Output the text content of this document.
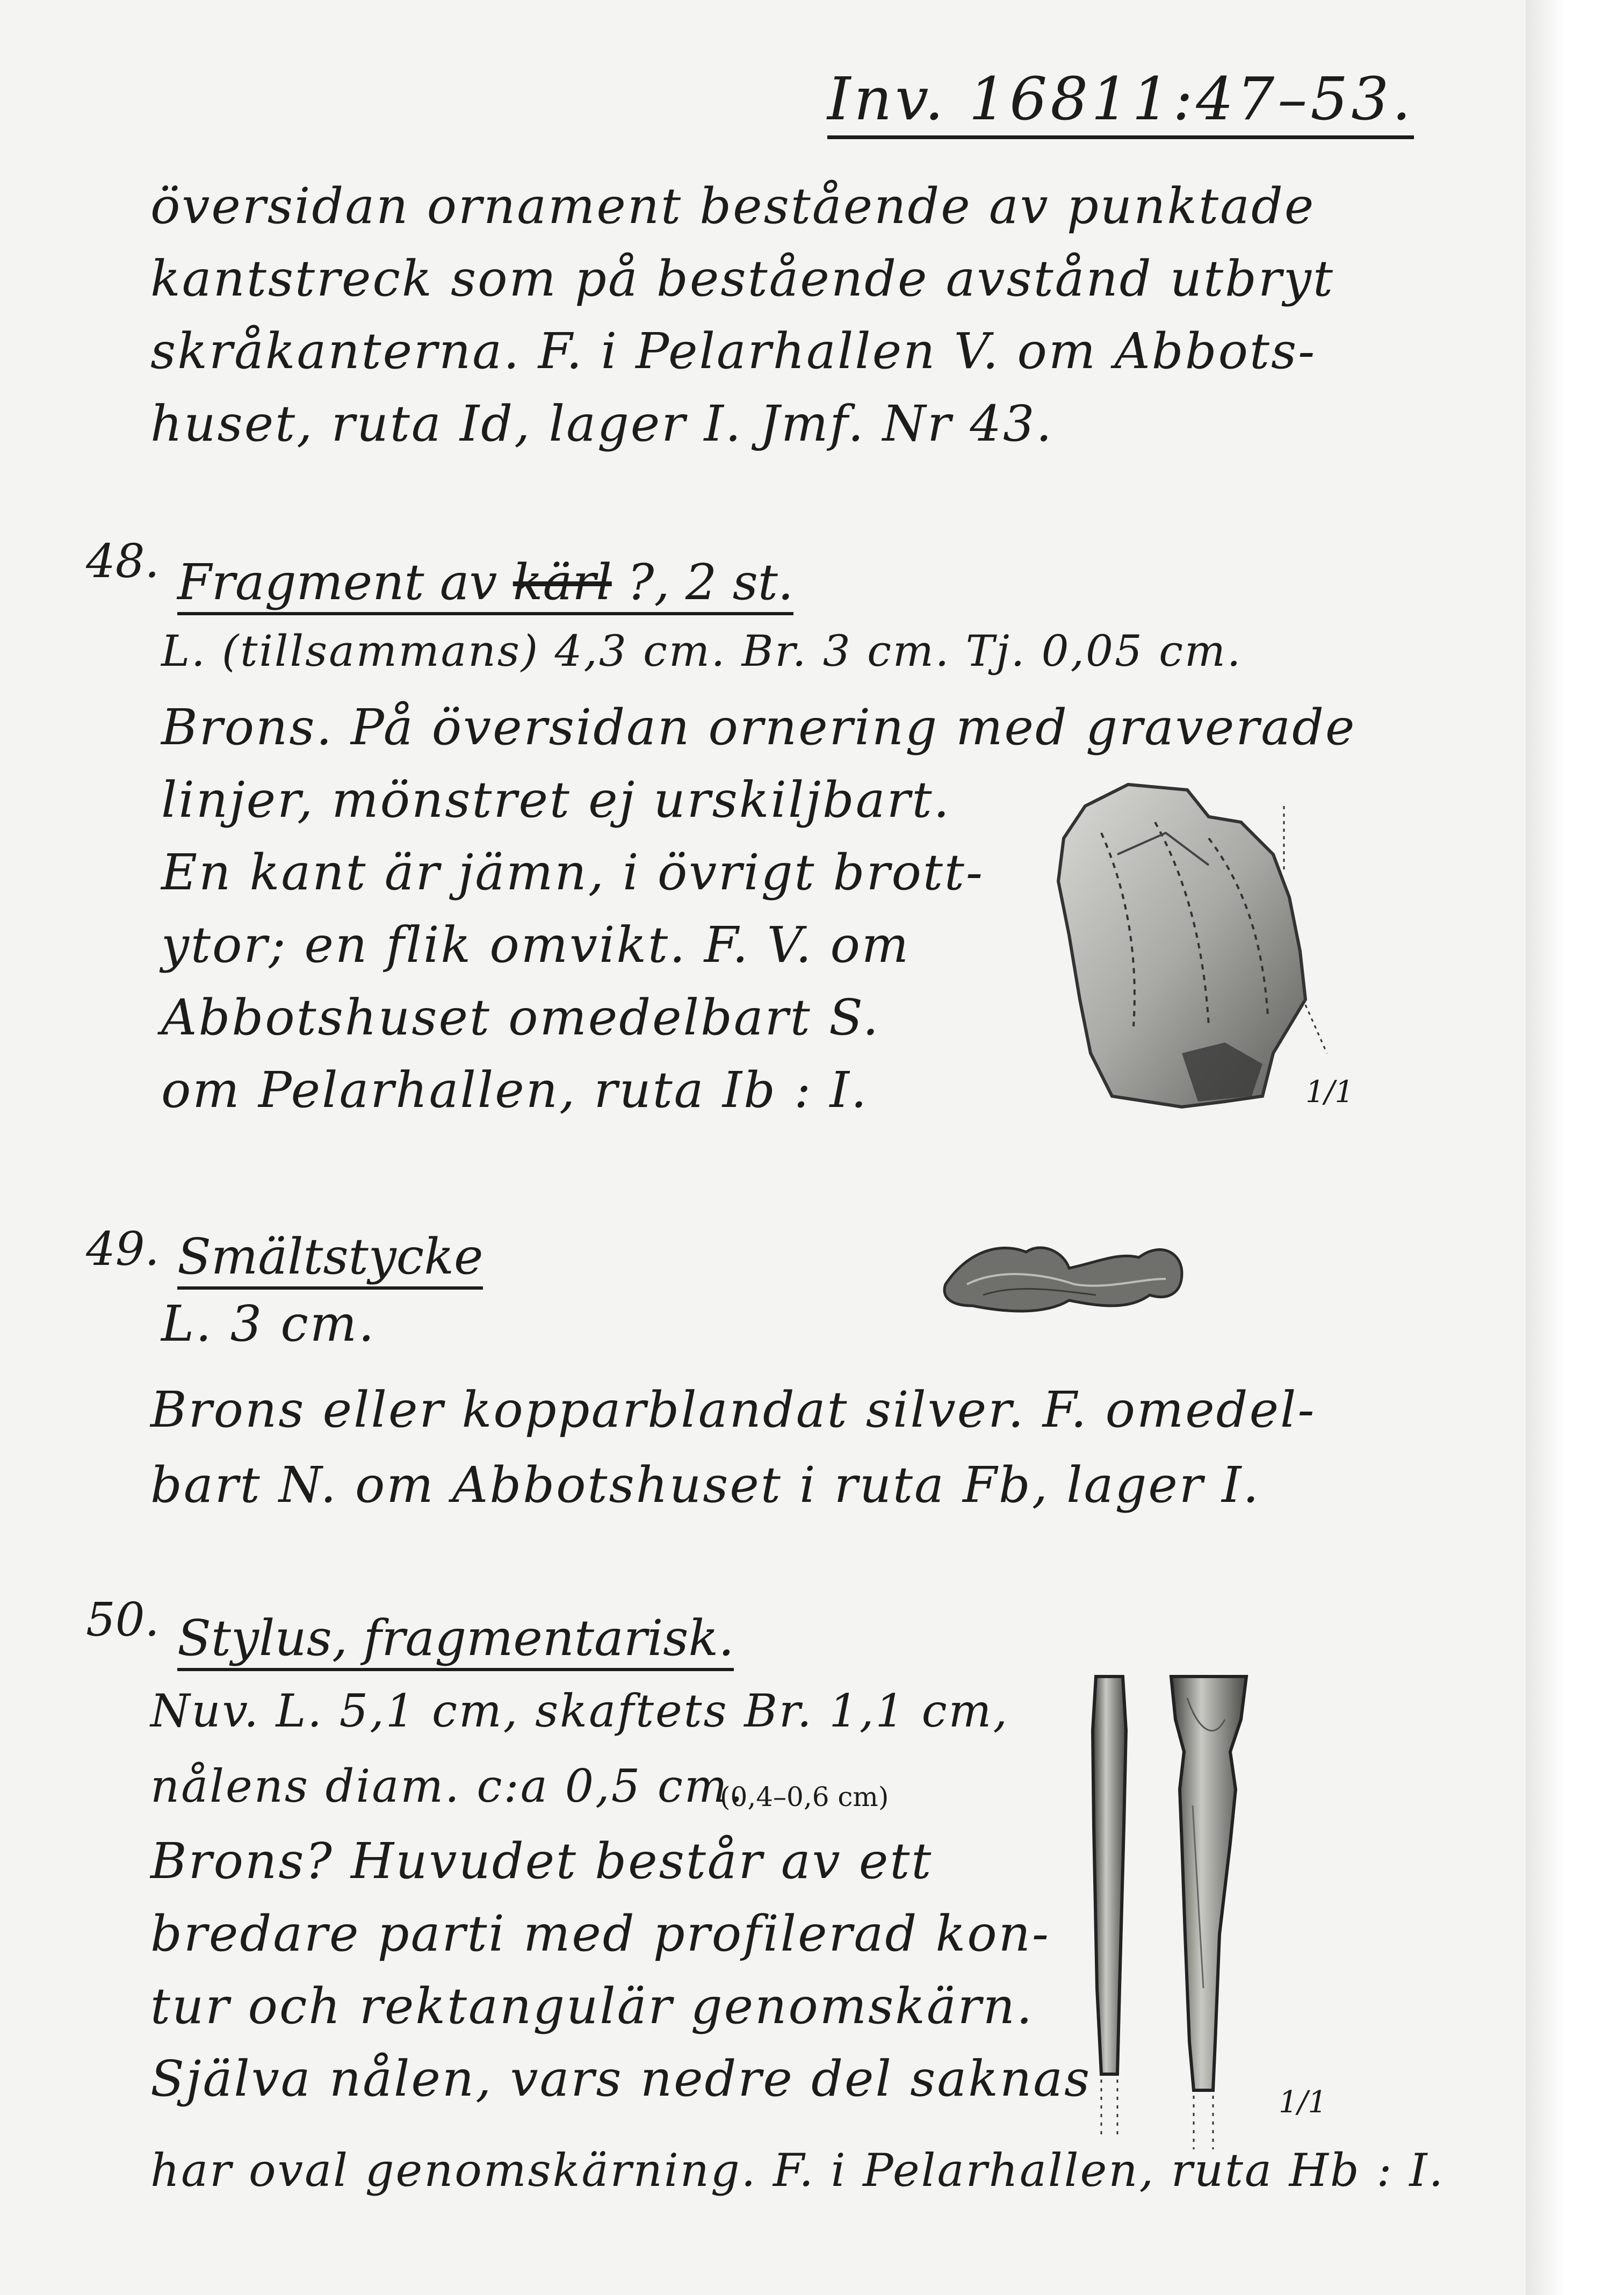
Inv. 16811:47–53.
översidan ornament bestående av punktade
kantstreck som på bestående avstånd utbryt
skråkanterna. F. i Pelarhallen V. om Abbots-
huset, ruta Id, lager I. Jmf. Nr 43.
48. Fragment av kärl ?, 2 st.
L. (tillsammans) 4,3 cm. Br. 3 cm. Tj. 0,05 cm.
Brons. På översidan ornering med graverade
linjer, mönstret ej urskiljbart.
En kant är jämn, i övrigt brott-
ytor; en flik omvikt. F. V. om
Abbotshuset omedelbart S.
om Pelarhallen, ruta Ib : I.	1/1
49. Smältstycke
L. 3 cm.
Brons eller kopparblandat silver. F. omedel-
bart N. om Abbotshuset i ruta Fb, lager I.
50. Stylus, fragmentarisk.
Nuv. L. 5,1 cm, skaftets Br. 1,1 cm,
nålens diam. c:a 0,5 cm.
(0,4–0,6 cm)
Brons? Huvudet består av ett
bredare parti med profilerad kon-
tur och rektangulär genomskärn.
Själva nålen, vars nedre del saknas
har oval genomskärning. F. i Pelarhallen, ruta Hb : I.
1/1
